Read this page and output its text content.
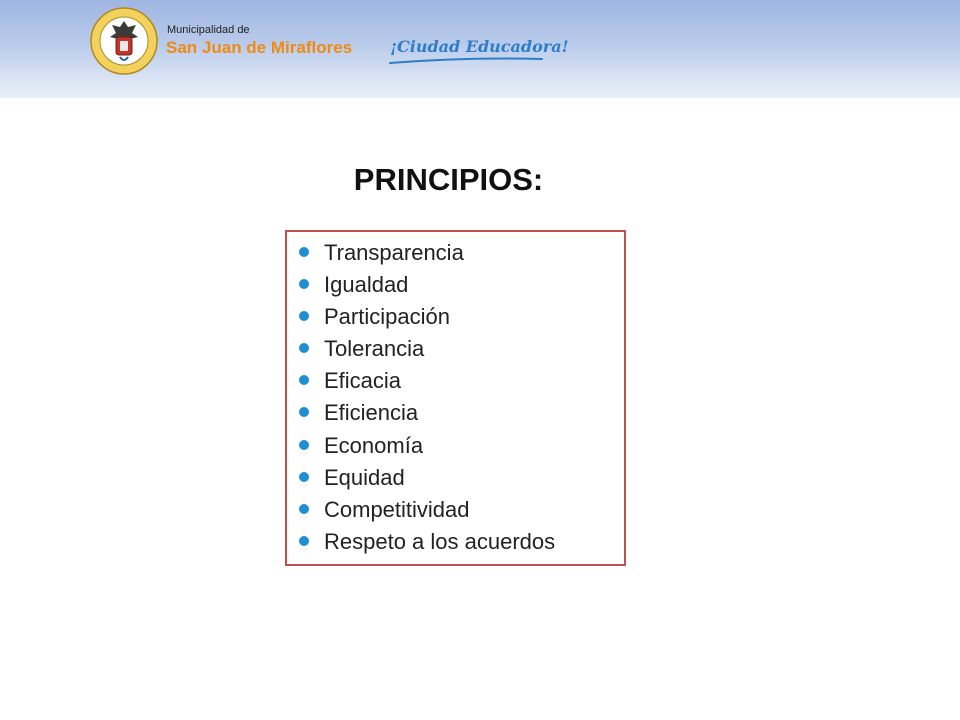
Municipalidad de
San Juan de Miraflores ¡Ciudad Educadora!
PRINCIPIOS:
Transparencia
Igualdad
Participación
Tolerancia
Eficacia
Eficiencia
Economía
Equidad
Competitividad
Respeto a los acuerdos
